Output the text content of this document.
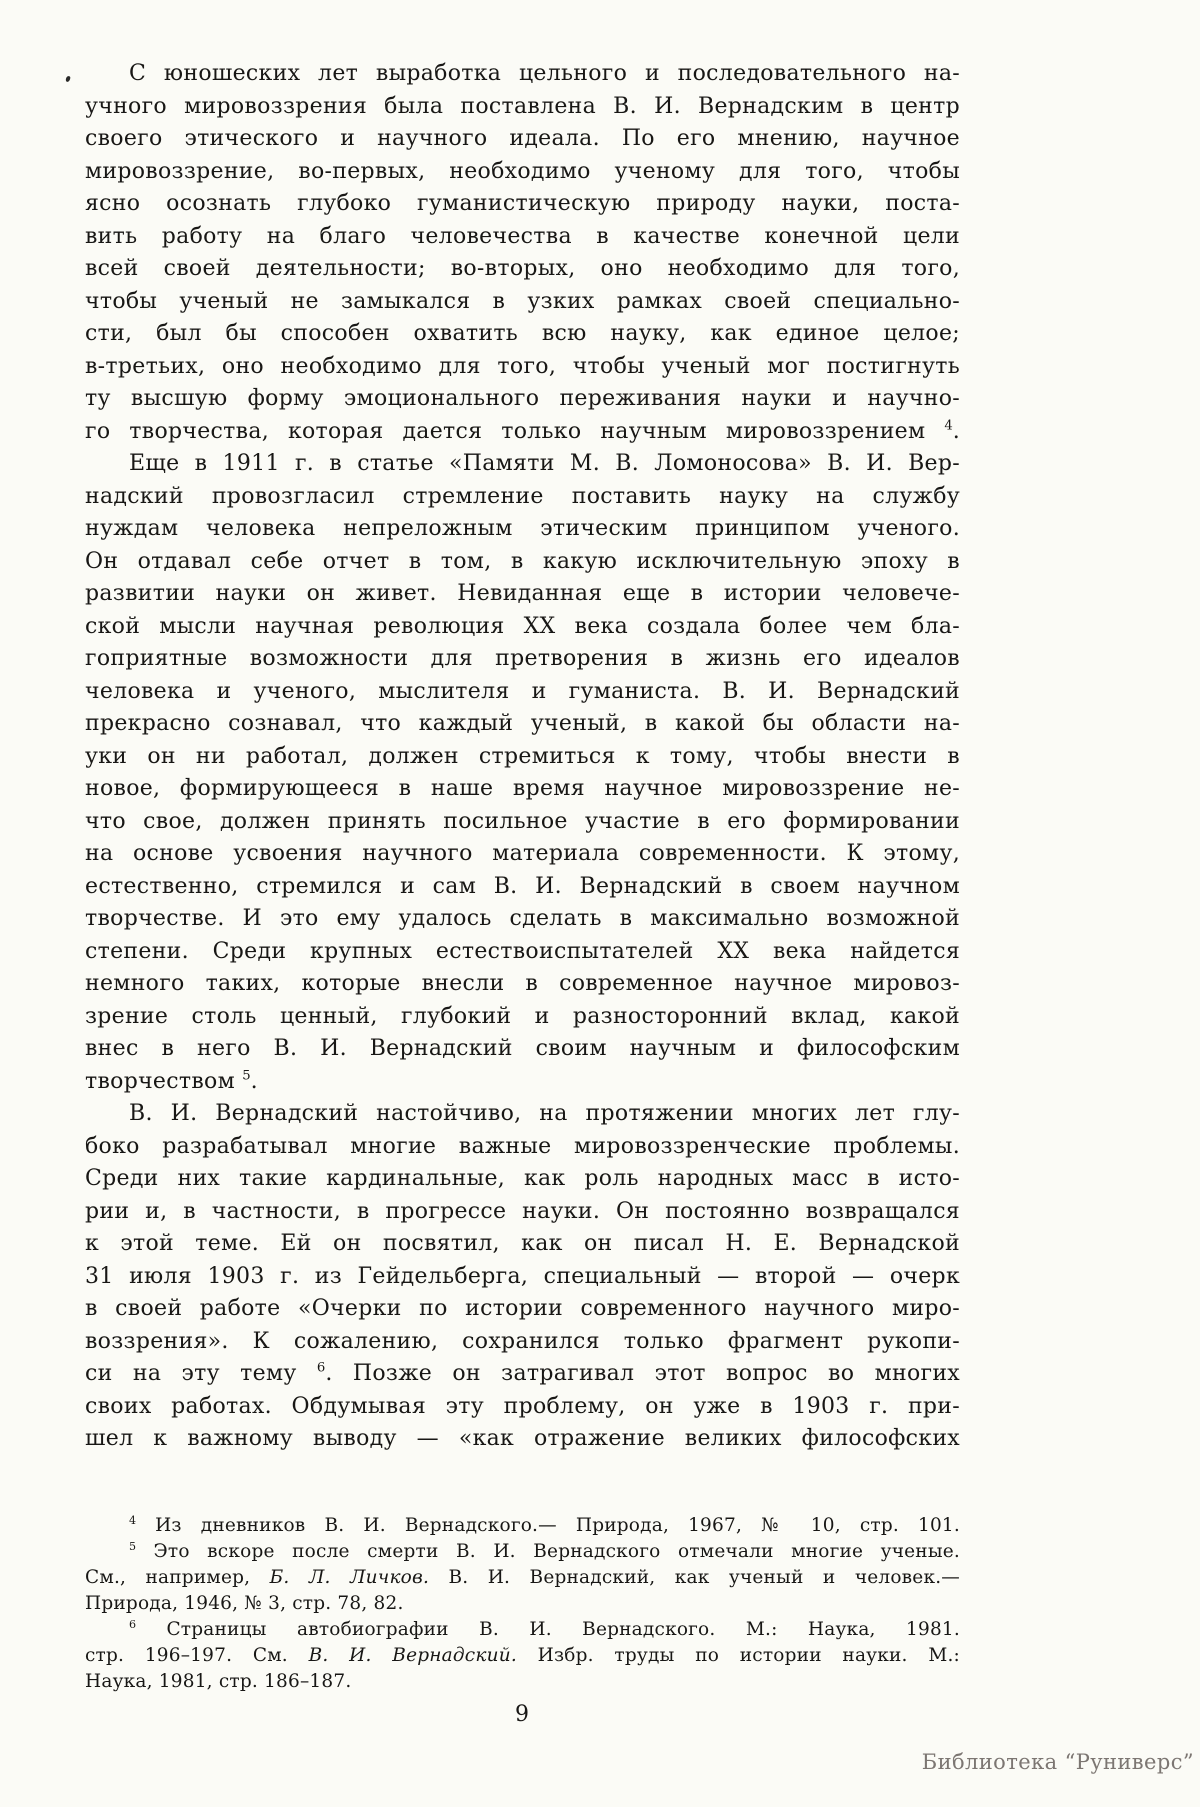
С юношеских лет выработка цельного и последовательного на-
учного мировоззрения была поставлена В. И. Вернадским в центр
своего этического и научного идеала. По его мнению, научное
мировоззрение, во-первых, необходимо ученому для того, чтобы
ясно осознать глубоко гуманистическую природу науки, поста-
вить работу на благо человечества в качестве конечной цели
всей своей деятельности; во-вторых, оно необходимо для того,
чтобы ученый не замыкался в узких рамках своей специально-
сти, был бы способен охватить всю науку, как единое целое;
в-третьих, оно необходимо для того, чтобы ученый мог постигнуть
ту высшую форму эмоционального переживания науки и научно-
го творчества, которая дается только научным мировоззрением $^4$.
Еще в 1911 г. в статье «Памяти М. В. Ломоносова» В. И. Вер-
надский провозгласил стремление поставить науку на службу
нуждам человека непреложным этическим принципом ученого.
Он отдавал себе отчет в том, в какую исключительную эпоху в
развитии науки он живет. Невиданная еще в истории человече-
ской мысли научная революция XX века создала более чем бла-
гоприятные возможности для претворения в жизнь его идеалов
человека и ученого, мыслителя и гуманиста. В. И. Вернадский
прекрасно сознавал, что каждый ученый, в какой бы области на-
уки он ни работал, должен стремиться к тому, чтобы внести в
новое, формирующееся в наше время научное мировоззрение не-
что свое, должен принять посильное участие в его формировании
на основе усвоения научного материала современности. К этому,
естественно, стремился и сам В. И. Вернадский в своем научном
творчестве. И это ему удалось сделать в максимально возможной
степени. Среди крупных естествоиспытателей XX века найдется
немного таких, которые внесли в современное научное мировоз-
зрение столь ценный, глубокий и разносторонний вклад, какой
внес в него В. И. Вернадский своим научным и философским
творчеством $^5$.
В. И. Вернадский настойчиво, на протяжении многих лет глу-
боко разрабатывал многие важные мировоззренческие проблемы.
Среди них такие кардинальные, как роль народных масс в исто-
рии и, в частности, в прогрессе науки. Он постоянно возвращался
к этой теме. Ей он посвятил, как он писал Н. Е. Вернадской
31 июля 1903 г. из Гейдельберга, специальный — второй — очерк
в своей работе «Очерки по истории современного научного миро-
воззрения». К сожалению, сохранился только фрагмент рукопи-
си на эту тему $^6$. Позже он затрагивал этот вопрос во многих
своих работах. Обдумывая эту проблему, он уже в 1903 г. при-
шел к важному выводу — «как отражение великих философских
$^4$ Из дневников В. И. Вернадского.— Природа, 1967, № 10, стр. 101.
$^5$ Это вскоре после смерти В. И. Вернадского отмечали многие ученые.
См., например, Б. Л. Личков. В. И. Вернадский, как ученый и человек.—
Природа, 1946, № 3, стр. 78, 82.
$^6$ Страницы автобиографии В. И. Вернадского. М.: Наука, 1981.
стр. 196–197. См. В. И. Вернадский. Избр. труды по истории науки. М.:
Наука, 1981, стр. 186–187.
9
Библиотека “Руниверс”
